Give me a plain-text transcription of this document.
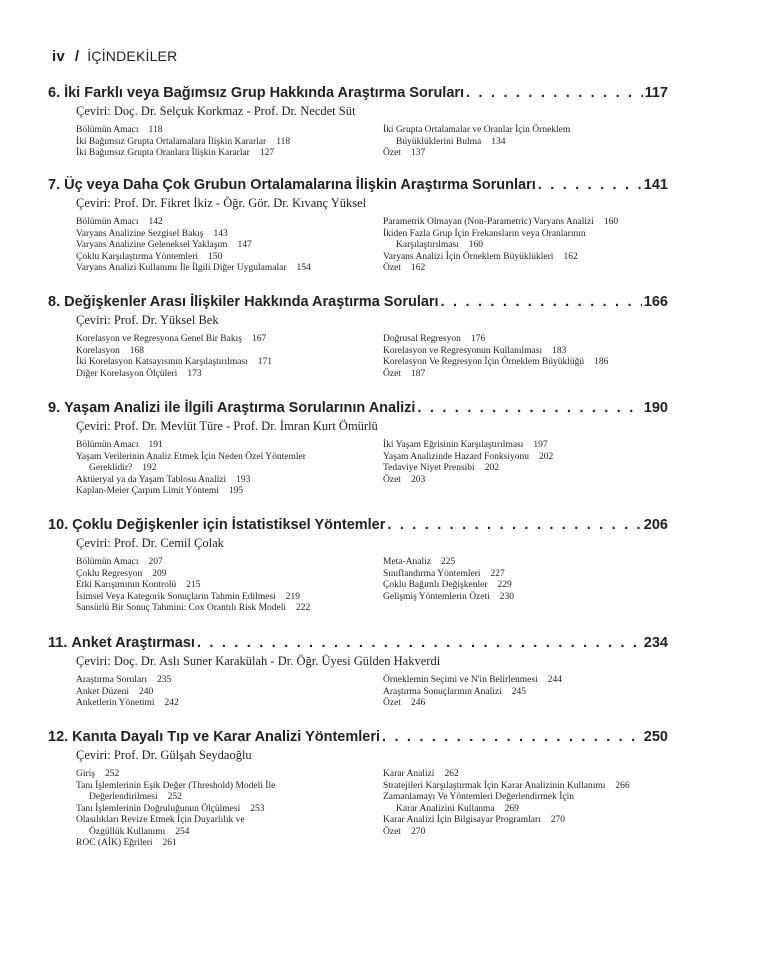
iv / İÇİNDEKİLER
6. İki Farklı veya Bağımsız Grup Hakkında Araştırma Soruları . . .	117
Çeviri: Doç. Dr. Selçuk Korkmaz - Prof. Dr. Necdet Süt
Bölümün Amacı 118
İki Bağımsız Grupta Ortalamalara İlişkin Kararlar 118
İki Bağımsız Grupta Oranlara İlişkin Kararlar 127
İki Grupta Ortalamalar ve Oranlar İçin Örneklem
Büyüklüklerini Bulma 134
Özet 137
7. Üç veya Daha Çok Grubun Ortalamalarına İlişkin Araştırma Sorunları . . .	141
Çeviri: Prof. Dr. Fikret İkiz - Öğr. Gör. Dr. Kıvanç Yüksel
Bölümün Amacı 142
Varyans Analizine Sezgisel Bakış 143
Varyans Analizine Geleneksel Yaklaşım 147
Çoklu Karşılaştırma Yöntemleri 150
Varyans Analizi Kullanımı İle İlgili Diğer Uygulamalar 154
Parametrik Olmayan (Non-Parametric) Varyans Analizi 160
İkiden Fazla Grup İçin Frekansların veya Oranlarının
Karşılaştırılması 160
Varyans Analizi İçin Örneklem Büyüklükleri 162
Özet 162
8. Değişkenler Arası İlişkiler Hakkında Araştırma Soruları . . .	166
Çeviri: Prof. Dr. Yüksel Bek
Korelasyon ve Regresyona Genel Bir Bakış 167
Korelasyon 168
İki Korelasyon Katsayısının Karşılaştırılması 171
Diğer Korelasyon Ölçüleri 173
Doğrusal Regresyon 176
Korelasyon ve Regresyonun Kullanılması 183
Korelasyon Ve Regresyon İçin Örneklem Büyüklüğü 186
Özet 187
9. Yaşam Analizi ile İlgili Araştırma Sorularının Analizi . . .	190
Çeviri: Prof. Dr. Mevlüt Türe - Prof. Dr. İmran Kurt Ömürlü
Bölümün Amacı 191
Yaşam Verilerinin Analiz Etmek İçin Neden Özel Yöntemler
Gereklidir? 192
Aktüeryal ya da Yaşam Tablosu Analizi 193
Kaplan-Meier Çarpım Limit Yöntemi 195
İki Yaşam Eğrisinin Karşılaştırılması 197
Yaşam Analizinde Hazard Fonksiyonu 202
Tedaviye Niyet Prensibi 202
Özet 203
10. Çoklu Değişkenler için İstatistiksel Yöntemler . . .	206
Çeviri: Prof. Dr. Cemil Çolak
Bölümün Amacı 207
Çoklu Regresyon 209
Etki Karışımının Kontrolü 215
İsimsel Veya Kategorik Sonuçların Tahmin Edilmesi 219
Sansürlü Bir Sonuç Tahmini: Cox Orantılı Risk Modeli 222
Meta-Analiz 225
Sınıflandırma Yöntemleri 227
Çoklu Bağımlı Değişkenler 229
Gelişmiş Yöntemlerin Özeti 230
11. Anket Araştırması . . .	234
Çeviri: Doç. Dr. Aslı Suner Karakülah - Dr. Öğr. Üyesi Gülden Hakverdi
Araştırma Soruları 235
Anket Düzeni 240
Anketlerin Yönetimi 242
Örneklemin Seçimi ve N'in Belirlenmesi 244
Araştırma Sonuçlarının Analizi 245
Özet 246
12. Kanıta Dayalı Tıp ve Karar Analizi Yöntemleri . . .	250
Çeviri: Prof. Dr. Gülşah Seydaoğlu
Giriş 252
Tanı İşlemlerinin Eşik Değer (Threshold) Modeli İle
Değerlendirilmesi 252
Tanı İşlemlerinin Doğruluğunun Ölçülmesi 253
Olasılıkları Revize Etmek İçin Duyarlılık ve
Özgüllük Kullanımı 254
ROC (AİK) Eğrileri 261
Karar Analizi 262
Stratejileri Karşılaştırmak İçin Karar Analizinin Kullanımı 266
Zamanlamayı Ve Yöntemleri Değerlendirmek İçin
Karar Analizini Kullanma 269
Karar Analizi İçin Bilgisayar Programları 270
Özet 270
